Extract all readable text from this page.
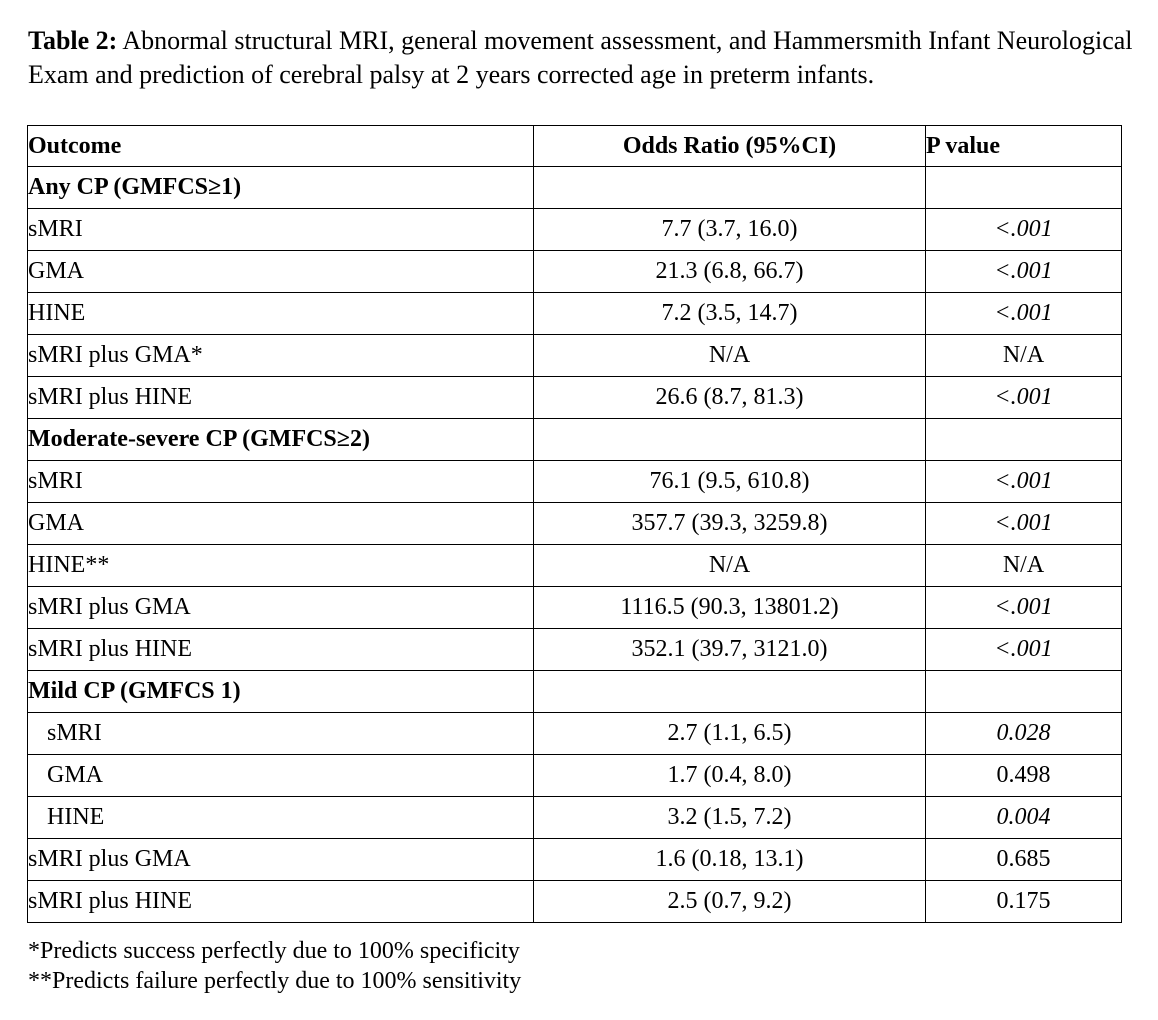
Table 2: Abnormal structural MRI, general movement assessment, and Hammersmith Infant Neurological Exam and prediction of cerebral palsy at 2 years corrected age in preterm infants.

Outcome	Odds Ratio (95%CI)	P value
Any CP (GMFCS≥1)		
sMRI	7.7 (3.7, 16.0)	<.001
GMA	21.3 (6.8, 66.7)	<.001
HINE	7.2 (3.5, 14.7)	<.001
sMRI plus GMA*	N/A	N/A
sMRI plus HINE	26.6 (8.7, 81.3)	<.001
Moderate-severe CP (GMFCS≥2)		
sMRI	76.1 (9.5, 610.8)	<.001
GMA	357.7 (39.3, 3259.8)	<.001
HINE**	N/A	N/A
sMRI plus GMA	1116.5 (90.3, 13801.2)	<.001
sMRI plus HINE	352.1 (39.7, 3121.0)	<.001
Mild CP (GMFCS 1)		
sMRI	2.7 (1.1, 6.5)	0.028
GMA	1.7 (0.4, 8.0)	0.498
HINE	3.2 (1.5, 7.2)	0.004
sMRI plus GMA	1.6 (0.18, 13.1)	0.685
sMRI plus HINE	2.5 (0.7, 9.2)	0.175
*Predicts success perfectly due to 100% specificity
**Predicts failure perfectly due to 100% sensitivity
